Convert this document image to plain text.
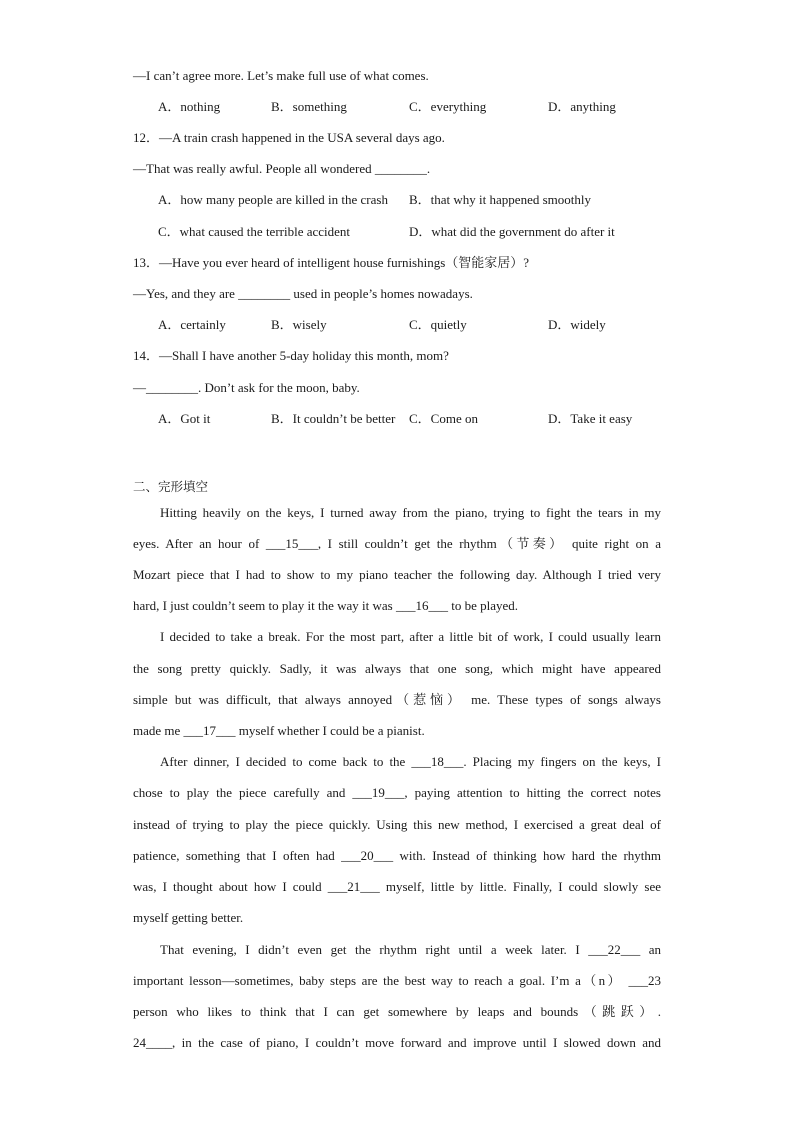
—I can’t agree more. Let’s make full use of what comes.
A．nothing	B．something	C．everything	D．anything
12．—A train crash happened in the USA several days ago.
—That was really awful. People all wondered ________.
A．how many people are killed in the crash B．that why it happened smoothly
C．what caused the terrible accident	D．what did the government do after it
13．—Have you ever heard of intelligent house furnishings（智能家居）?
—Yes, and they are ________ used in people’s homes nowadays.
A．certainly	B．wisely	C．quietly	D．widely
14．—Shall I have another 5-day holiday this month, mom?
—________. Don’t ask for the moon, baby.
A．Got it	B．It couldn’t be better C．Come on	D．Take it easy
二、完形填空
Hitting heavily on the keys, I turned away from the piano, trying to fight the tears in my
eyes. After an hour of ___15___, I still couldn’t get the rhythm（节奏） quite right on a
Mozart piece that I had to show to my piano teacher the following day. Although I tried very
hard, I just couldn’t seem to play it the way it was ___16___ to be played.
I decided to take a break. For the most part, after a little bit of work, I could usually learn
the song pretty quickly. Sadly, it was always that one song, which might have appeared
simple but was difficult, that always annoyed（惹恼） me. These types of songs always
made me ___17___ myself whether I could be a pianist.
After dinner, I decided to come back to the ___18___. Placing my fingers on the keys, I
chose to play the piece carefully and ___19___, paying attention to hitting the correct notes
instead of trying to play the piece quickly. Using this new method, I exercised a great deal of
patience, something that I often had ___20___ with. Instead of thinking how hard the rhythm
was, I thought about how I could ___21___ myself, little by little. Finally, I could slowly see
myself getting better.
That evening, I didn’t even get the rhythm right until a week later. I ___22___ an
important lesson—sometimes, baby steps are the best way to reach a goal. I’m a（n） ___23
person who likes to think that I can get somewhere by leaps and bounds（跳跃）.
24____, in the case of piano, I couldn’t move forward and improve until I slowed down and
